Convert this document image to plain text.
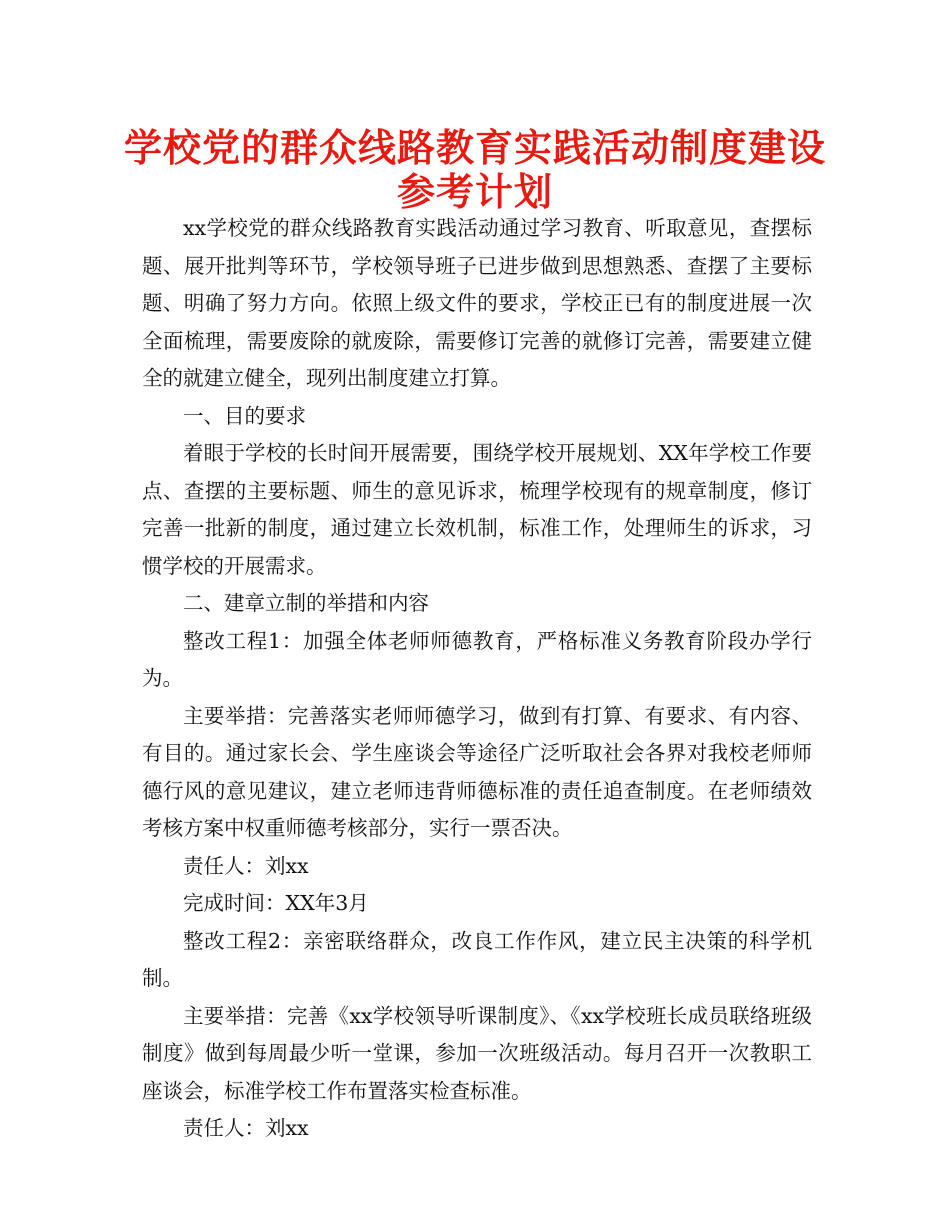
学校党的群众线路教育实践活动制度建设
参考计划

xx学校党的群众线路教育实践活动通过学习教育、听取意见，查摆标题、展开批判等环节，学校领导班子已进步做到思想熟悉、查摆了主要标题、明确了努力方向。依照上级文件的要求，学校正已有的制度进展一次全面梳理，需要废除的就废除，需要修订完善的就修订完善，需要建立健全的就建立健全，现列出制度建立打算。

一、目的要求

着眼于学校的长时间开展需要，围绕学校开展规划、XX年学校工作要点、查摆的主要标题、师生的意见诉求，梳理学校现有的规章制度，修订完善一批新的制度，通过建立长效机制，标准工作，处理师生的诉求，习惯学校的开展需求。

二、建章立制的举措和内容

整改工程1：加强全体老师师德教育，严格标准义务教育阶段办学行为。

主要举措：完善落实老师师德学习，做到有打算、有要求、有内容、有目的。通过家长会、学生座谈会等途径广泛听取社会各界对我校老师师德行风的意见建议，建立老师违背师德标准的责任追查制度。在老师绩效考核方案中权重师德考核部分，实行一票否决。

责任人：刘xx

完成时间：XX年3月

整改工程2：亲密联络群众，改良工作作风，建立民主决策的科学机制。

主要举措：完善《xx学校领导听课制度》、《xx学校班长成员联络班级制度》做到每周最少听一堂课，参加一次班级活动。每月召开一次教职工座谈会，标准学校工作布置落实检查标准。

责任人：刘xx
